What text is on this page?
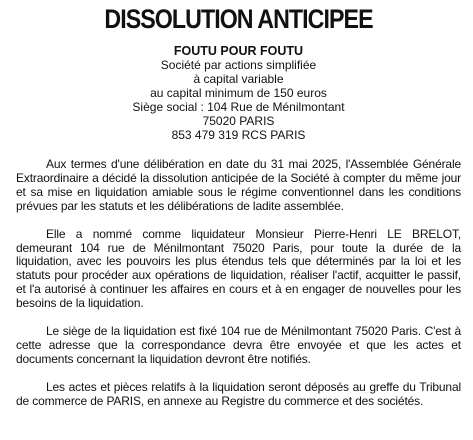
DISSOLUTION ANTICIPEE
FOUTU POUR FOUTU
Société par actions simplifiée
à capital variable
au capital minimum de 150 euros
Siège social : 104 Rue de Ménilmontant
75020 PARIS
853 479 319 RCS PARIS

Aux termes d'une délibération en date du 31 mai 2025, l'Assemblée Générale Extraordinaire a décidé la dissolution anticipée de la Société à compter du même jour et sa mise en liquidation amiable sous le régime conventionnel dans les conditions prévues par les statuts et les délibérations de ladite assemblée.

Elle a nommé comme liquidateur Monsieur Pierre-Henri LE BRELOT, demeurant 104 rue de Ménilmontant 75020 Paris, pour toute la durée de la liquidation, avec les pouvoirs les plus étendus tels que déterminés par la loi et les statuts pour procéder aux opérations de liquidation, réaliser l'actif, acquitter le passif, et l'a autorisé à continuer les affaires en cours et à en engager de nouvelles pour les besoins de la liquidation.

Le siège de la liquidation est fixé 104 rue de Ménilmontant 75020 Paris. C'est à cette adresse que la correspondance devra être envoyée et que les actes et documents concernant la liquidation devront être notifiés.

Les actes et pièces relatifs à la liquidation seront déposés au greffe du Tribunal de commerce de PARIS, en annexe au Registre du commerce et des sociétés.
